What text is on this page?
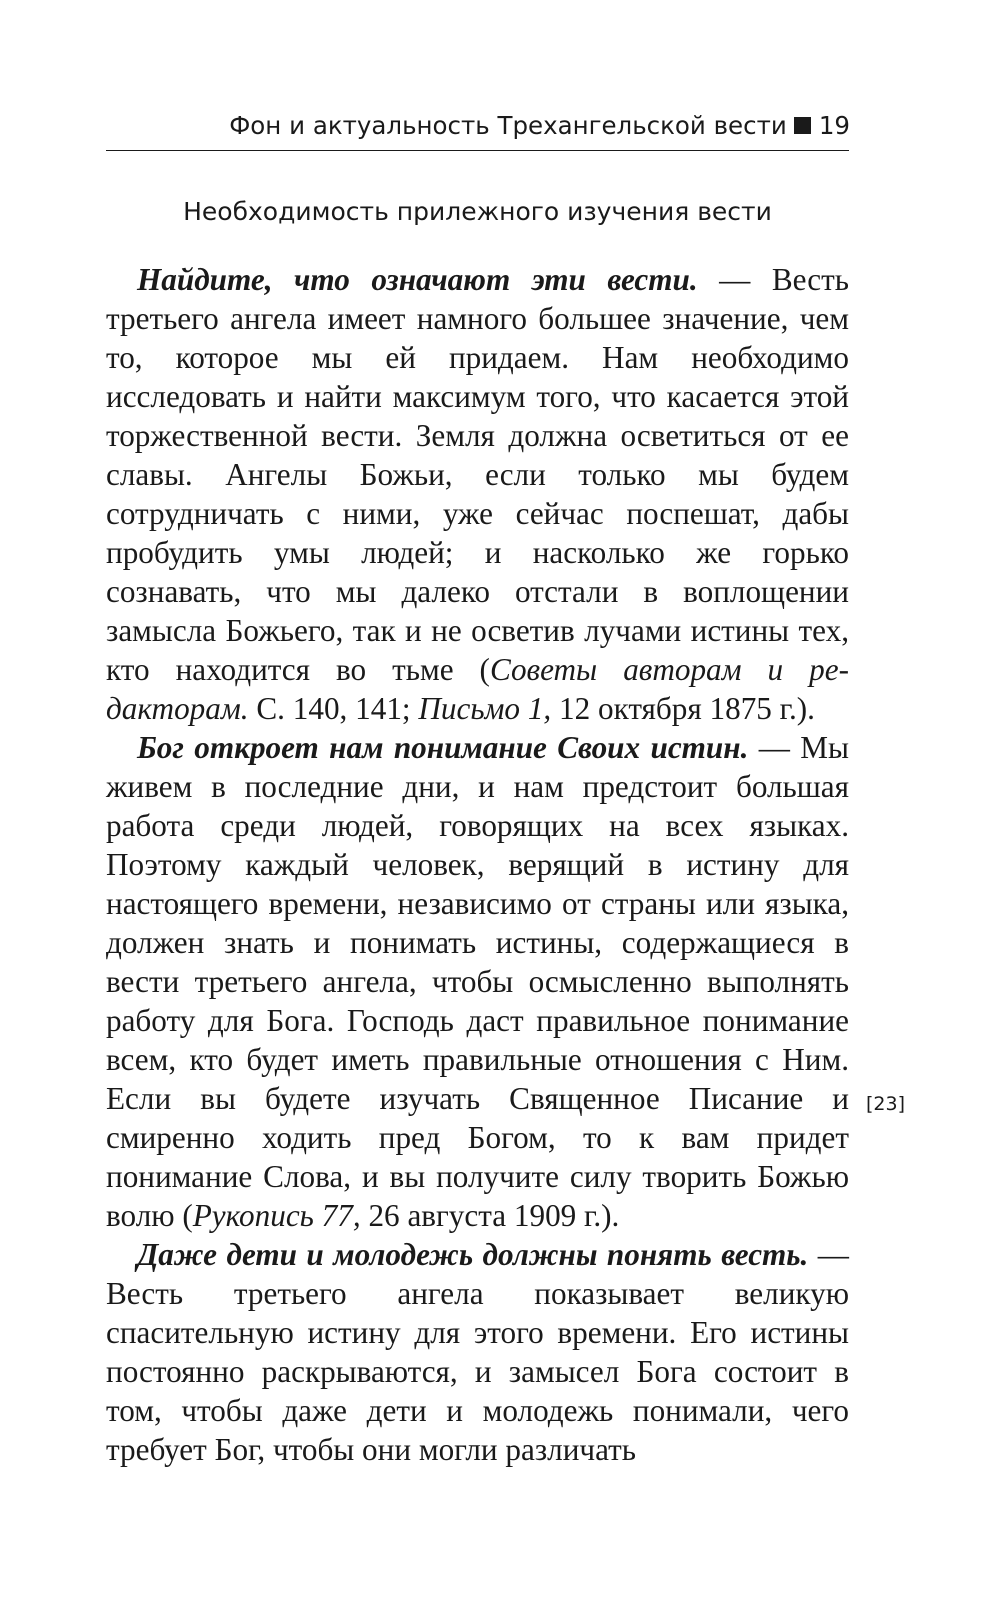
Фон и актуальность Трехангельской вести 19
Необходимость прилежного изучения вести

Найдите, что означают эти вести. — Весть третьего ангела имеет намного большее значение, чем то, которое мы ей придаем. Нам необходимо исследовать и найти максимум того, что касается этой торжественной вести. Земля должна осветиться от ее славы. Ангелы Божьи, если только мы будем сотрудничать с ними, уже сейчас поспешат, дабы пробудить умы людей; и насколько же горько сознавать, что мы далеко отстали в воплощении замысла Божьего, так и не осветив лучами истины тех, кто находится во тьме (Советы авторам и редакторам. С. 140, 141; Письмо 1, 12 октября 1875 г.).

Бог откроет нам понимание Своих истин. — Мы живем в последние дни, и нам предстоит большая работа среди людей, говорящих на всех языках. Поэтому каждый человек, верящий в истину для настоящего времени, независимо от страны или языка, должен знать и понимать истины, содержащиеся в вести третьего ангела, чтобы осмысленно выполнять работу для Бога. Господь даст правильное понимание всем, кто будет иметь правильные отношения с Ним. Если вы будете изучать Священное Писание и смиренно ходить пред Богом, то к вам придет понимание Слова, и вы получите силу творить Божью волю (Рукопись 77, 26 августа 1909 г.).

Даже дети и молодежь должны понять весть. — Весть третьего ангела показывает великую спасительную истину для этого времени. Его истины постоянно раскрываются, и замысел Бога состоит в том, чтобы даже дети и молодежь понимали, чего требует Бог, чтобы они могли различать

[23]
